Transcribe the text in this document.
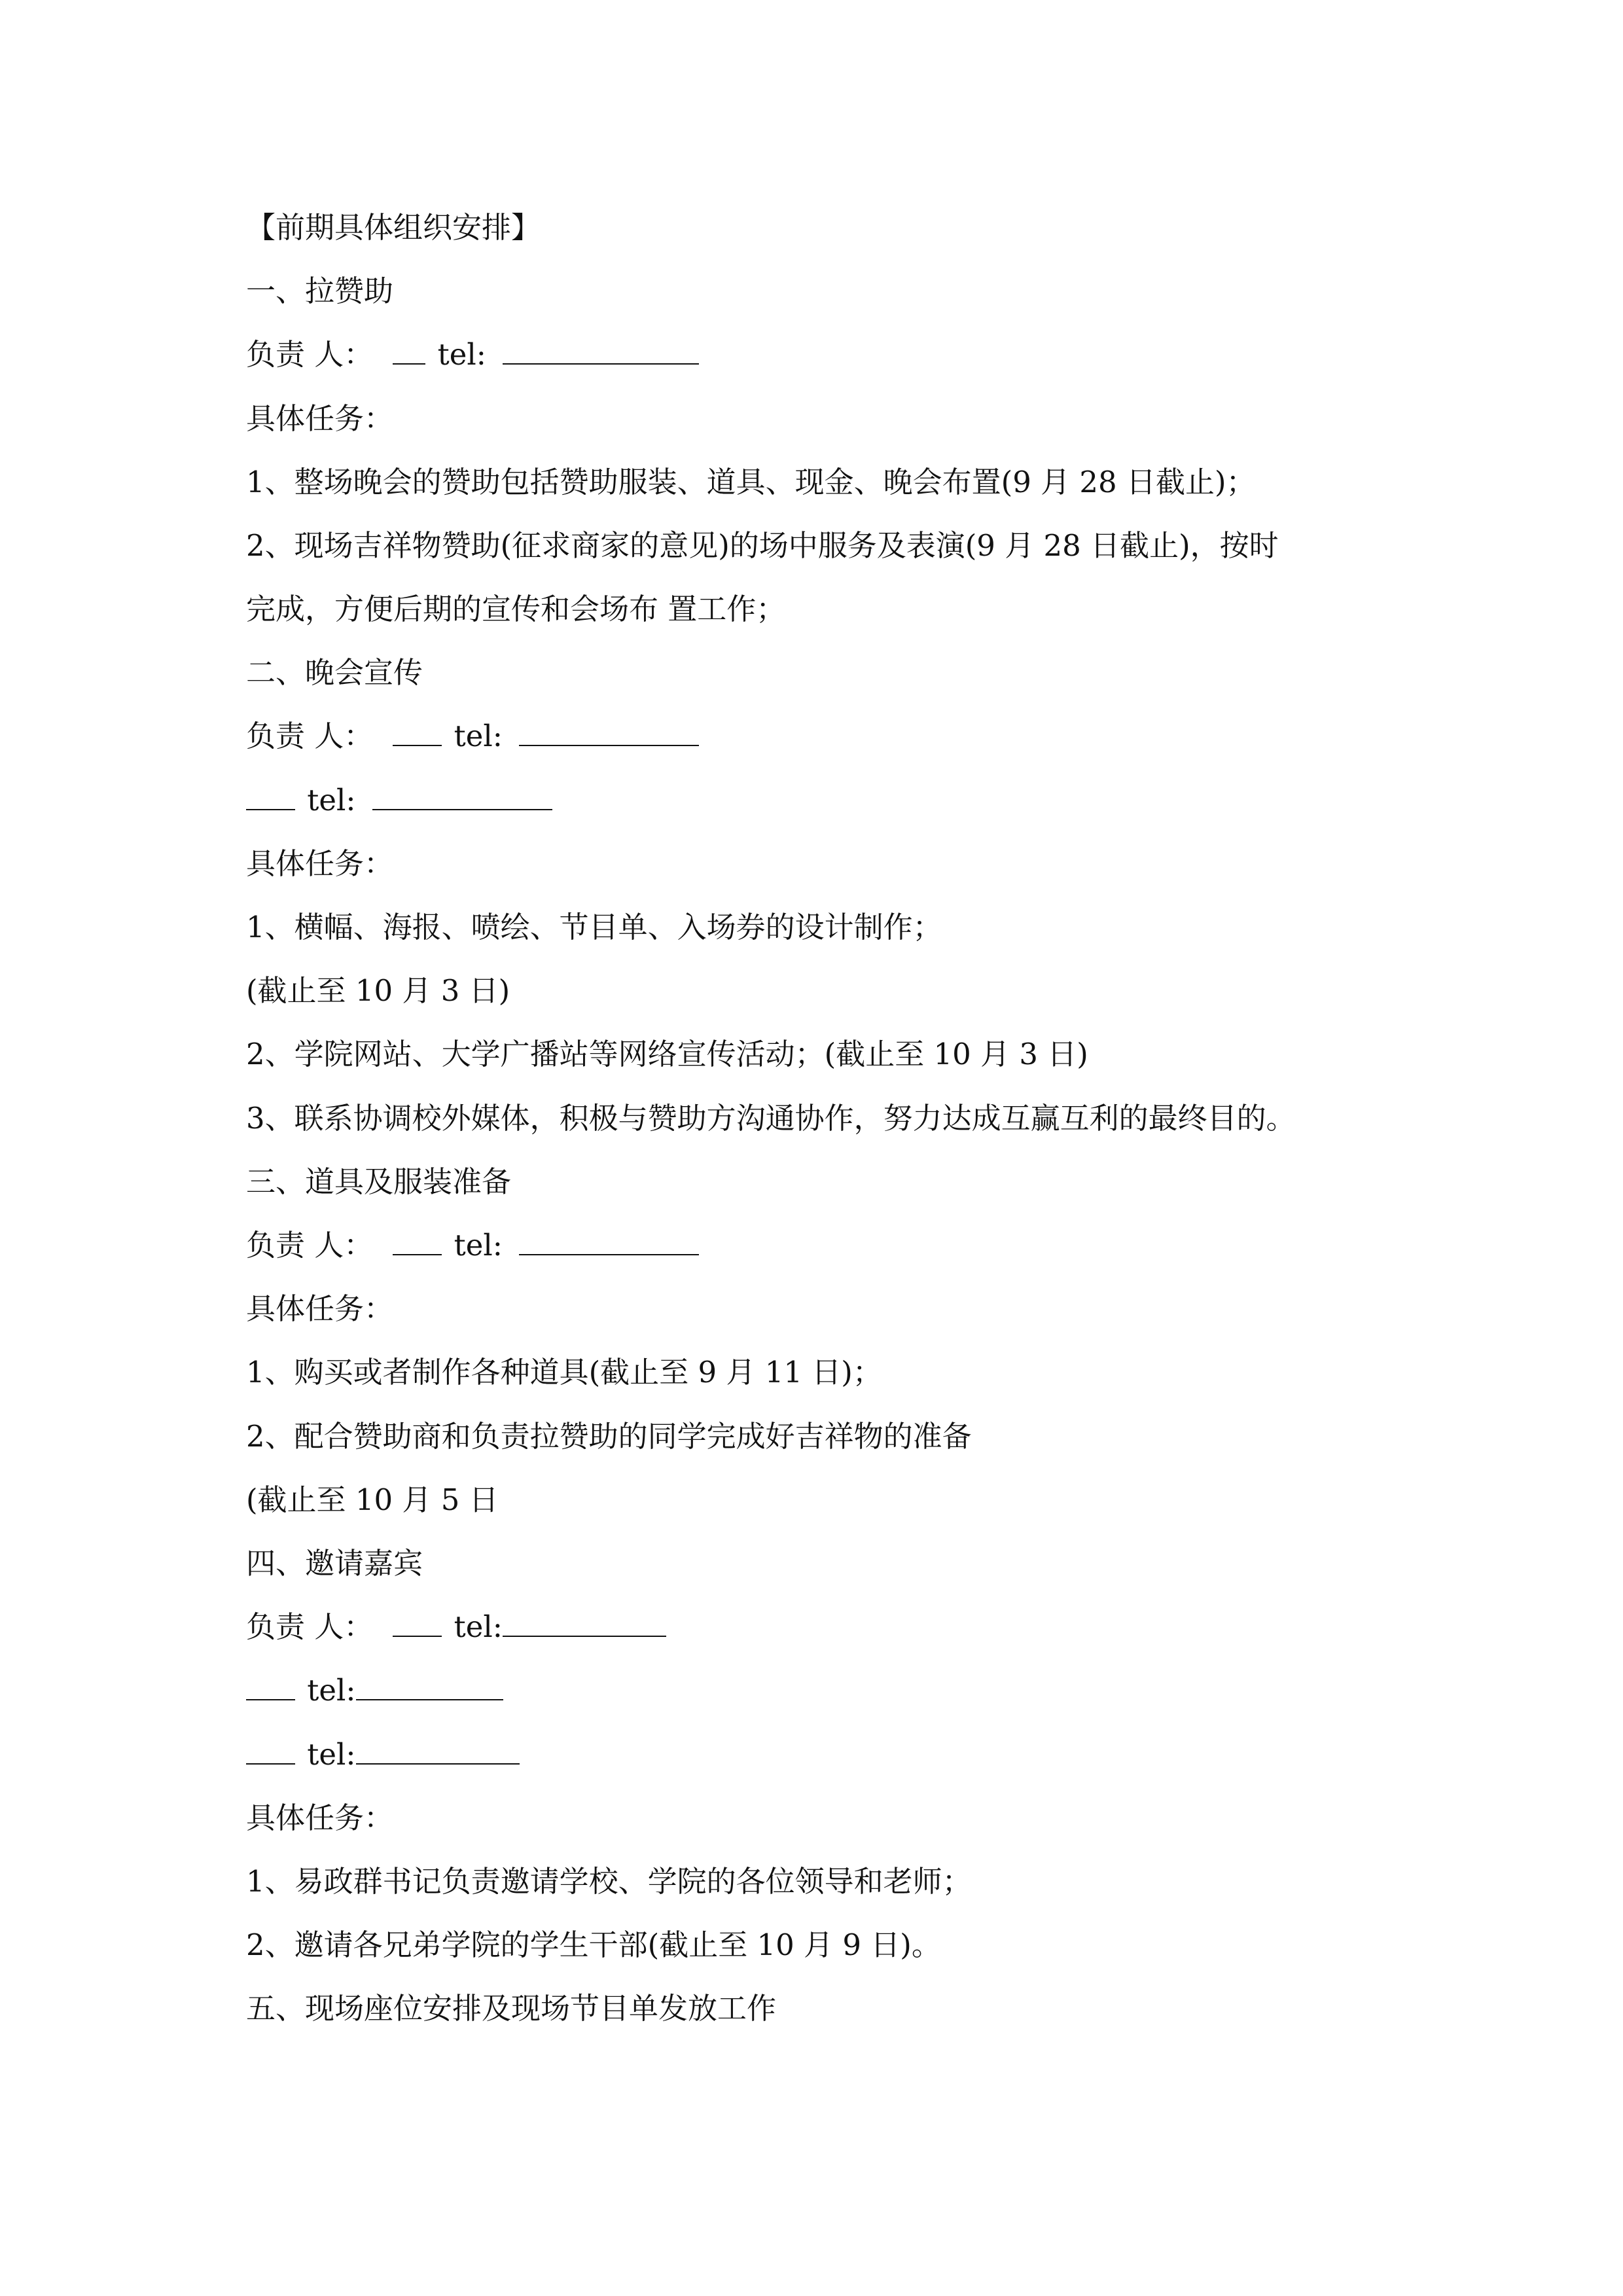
【前期具体组织安排】
一、拉赞助
负责 人： tel:
具体任务：
1、整场晚会的赞助包括赞助服装、道具、现金、晚会布置(9 月 28 日截止)；
2、现场吉祥物赞助(征求商家的意见)的场中服务及表演(9 月 28 日截止)，按时
完成，方便后期的宣传和会场布 置工作；
二、晚会宣传
负责 人： tel:
tel:
具体任务：
1、横幅、海报、喷绘、节目单、入场券的设计制作；
(截止至 10 月 3 日)
2、学院网站、大学广播站等网络宣传活动；(截止至 10 月 3 日)
3、联系协调校外媒体，积极与赞助方沟通协作，努力达成互赢互利的最终目的。
三、道具及服装准备
负责 人： tel:
具体任务：
1、购买或者制作各种道具(截止至 9 月 11 日)；
2、配合赞助商和负责拉赞助的同学完成好吉祥物的准备
(截止至 10 月 5 日
四、邀请嘉宾
负责 人： tel:
tel:
tel:
具体任务：
1、易政群书记负责邀请学校、学院的各位领导和老师；
2、邀请各兄弟学院的学生干部(截止至 10 月 9 日)。
五、现场座位安排及现场节目单发放工作
